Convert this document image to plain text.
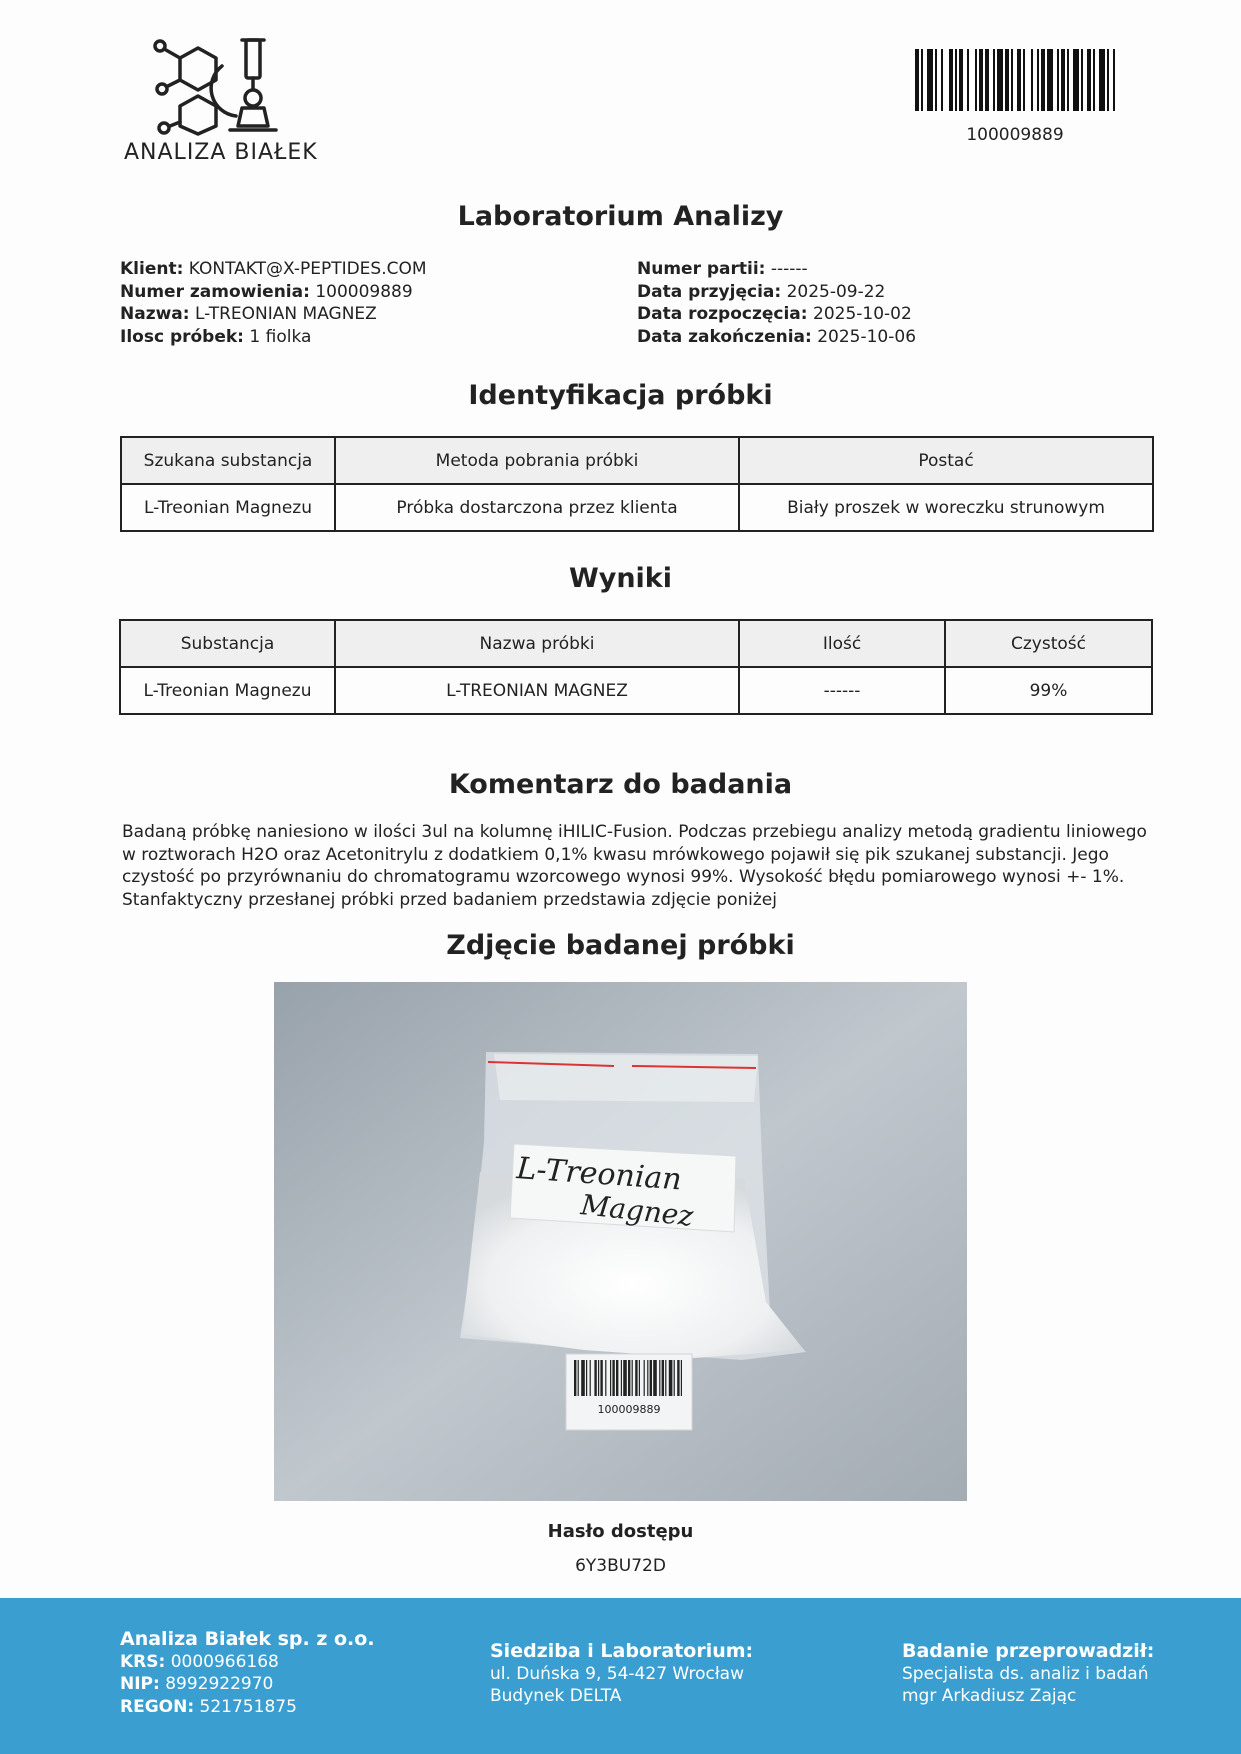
ANALIZA BIAŁEK
100009889
Laboratorium Analizy
Klient: KONTAKT@X-PEPTIDES.COM
Numer zamowienia: 100009889
Nazwa: L-TREONIAN MAGNEZ
Ilosc próbek: 1 fiolka
Numer partii: ------
Data przyjęcia: 2025-09-22
Data rozpoczęcia: 2025-10-02
Data zakończenia: 2025-10-06
Identyfikacja próbki
Szukana substancja	Metoda pobrania próbki	Postać
L-Treonian Magnezu	Próbka dostarczona przez klienta	Biały proszek w woreczku strunowym
Wyniki
Substancja	Nazwa próbki	Ilość	Czystość
L-Treonian Magnezu	L-TREONIAN MAGNEZ	------	99%
Komentarz do badania
Badaną próbkę naniesiono w ilości 3ul na kolumnę iHILIC-Fusion. Podczas przebiegu analizy metodą gradientu liniowego w roztworach H2O oraz Acetonitrylu z dodatkiem 0,1% kwasu mrówkowego pojawił się pik szukanej substancji. Jego czystość po przyrównaniu do chromatogramu wzorcowego wynosi 99%. Wysokość błędu pomiarowego wynosi +- 1%. Stanfaktyczny przesłanej próbki przed badaniem przedstawia zdjęcie poniżej
Zdjęcie badanej próbki
L-Treonian
Magnez
100009889
Hasło dostępu
6Y3BU72D
Analiza Białek sp. z o.o.
KRS: 0000966168
NIP: 8992922970
REGON: 521751875
Siedziba i Laboratorium:
ul. Duńska 9, 54-427 Wrocław
Budynek DELTA
Badanie przeprowadził:
Specjalista ds. analiz i badań
mgr Arkadiusz Zając
